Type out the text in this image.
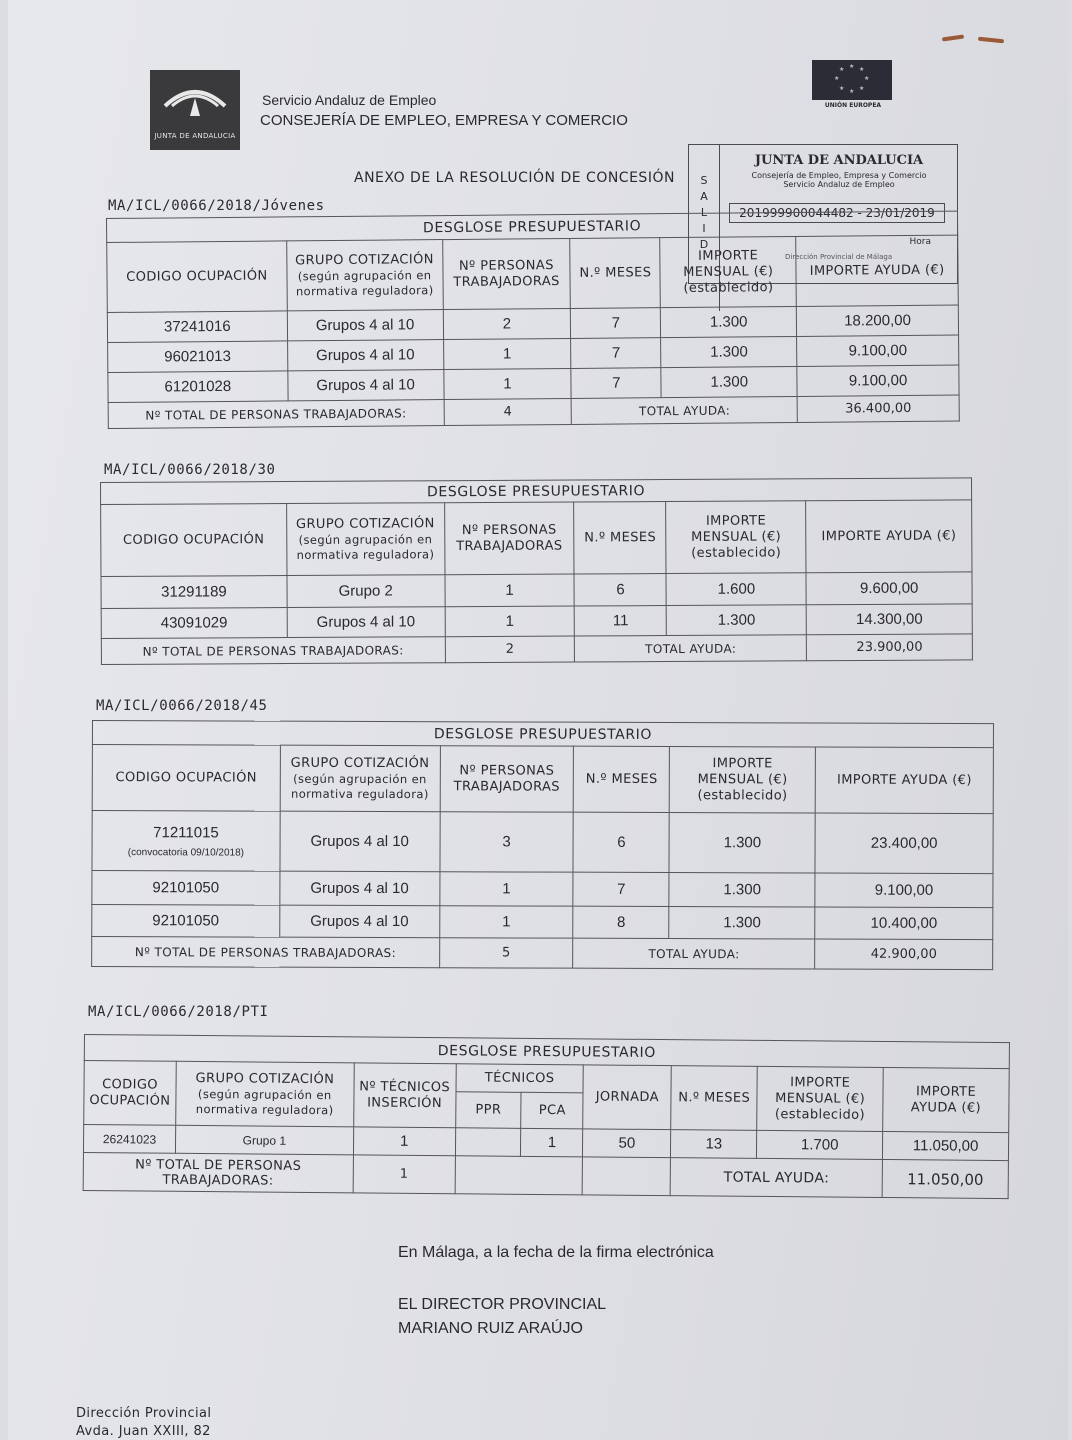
JUNTA DE ANDALUCIA
Servicio Andaluz de Empleo
CONSEJERÍA DE EMPLEO, EMPRESA Y COMERCIO
★ ★
★
★
★
★
★
★
UNIÓN EUROPEA
ANEXO DE LA RESOLUCIÓN DE CONCESIÓN S
A
L
I
D
JUNTA DE ANDALUCIA
Consejería de Empleo, Empresa y Comercio
Servicio Andaluz de Empleo
201999900044482 - 23/01/2019
Hora
Dirección Provincial de Málaga
MA/ICL/0066/2018/Jóvenes
DESGLOSE PRESUPUESTARIO					
CODIGO OCUPACIÓN	GRUPO COTIZACIÓN
(según agrupación en
normativa reguladora)	Nº PERSONAS
TRABAJADORAS	N.º MESES	IMPORTE
MENSUAL (€)
(establecido)	IMPORTE AYUDA (€)
37241016	Grupos 4 al 10	2	7	1.300	18.200,00
96021013	Grupos 4 al 10	1	7	1.300	9.100,00
61201028	Grupos 4 al 10	1	7	1.300	9.100,00
Nº TOTAL DE PERSONAS TRABAJADORAS:		4	TOTAL AYUDA:		36.400,00
MA/ICL/0066/2018/30
DESGLOSE PRESUPUESTARIO					
CODIGO OCUPACIÓN	GRUPO COTIZACIÓN
(según agrupación en
normativa reguladora)	Nº PERSONAS
TRABAJADORAS	N.º MESES	IMPORTE
MENSUAL (€)
(establecido)	IMPORTE AYUDA (€)
31291189	Grupo 2	1	6	1.600	9.600,00
43091029	Grupos 4 al 10	1	11	1.300	14.300,00
Nº TOTAL DE PERSONAS TRABAJADORAS:		2	TOTAL AYUDA:		23.900,00
MA/ICL/0066/2018/45
DESGLOSE PRESUPUESTARIO					
CODIGO OCUPACIÓN	GRUPO COTIZACIÓN
(según agrupación en
normativa reguladora)	Nº PERSONAS
TRABAJADORAS	N.º MESES	IMPORTE
MENSUAL (€)
(establecido)	IMPORTE AYUDA (€)
71211015
(convocatoria 09/10/2018)	Grupos 4 al 10	3	6	1.300	23.400,00
92101050	Grupos 4 al 10	1	7	1.300	9.100,00
92101050	Grupos 4 al 10	1	8	1.300	10.400,00
Nº TOTAL DE PERSONAS TRABAJADORAS:		5	TOTAL AYUDA:		42.900,00
MA/ICL/0066/2018/PTI
DESGLOSE PRESUPUESTARIO								
CODIGO
OCUPACIÓN	GRUPO COTIZACIÓN
(según agrupación en
normativa reguladora)	Nº TÉCNICOS
INSERCIÓN	TÉCNICOS		JORNADA	N.º MESES	IMPORTE
MENSUAL (€)
(establecido)	IMPORTE
AYUDA (€)
			PPR	PCA				
26241023	Grupo 1	1		1	50	13	1.700	11.050,00
Nº TOTAL DE PERSONAS TRABAJADORAS:		1				TOTAL AYUDA:		11.050,00
En Málaga, a la fecha de la firma electrónica
EL DIRECTOR PROVINCIAL
MARIANO RUIZ ARAÚJO
Dirección Provincial
Avda. Juan XXIII, 82
